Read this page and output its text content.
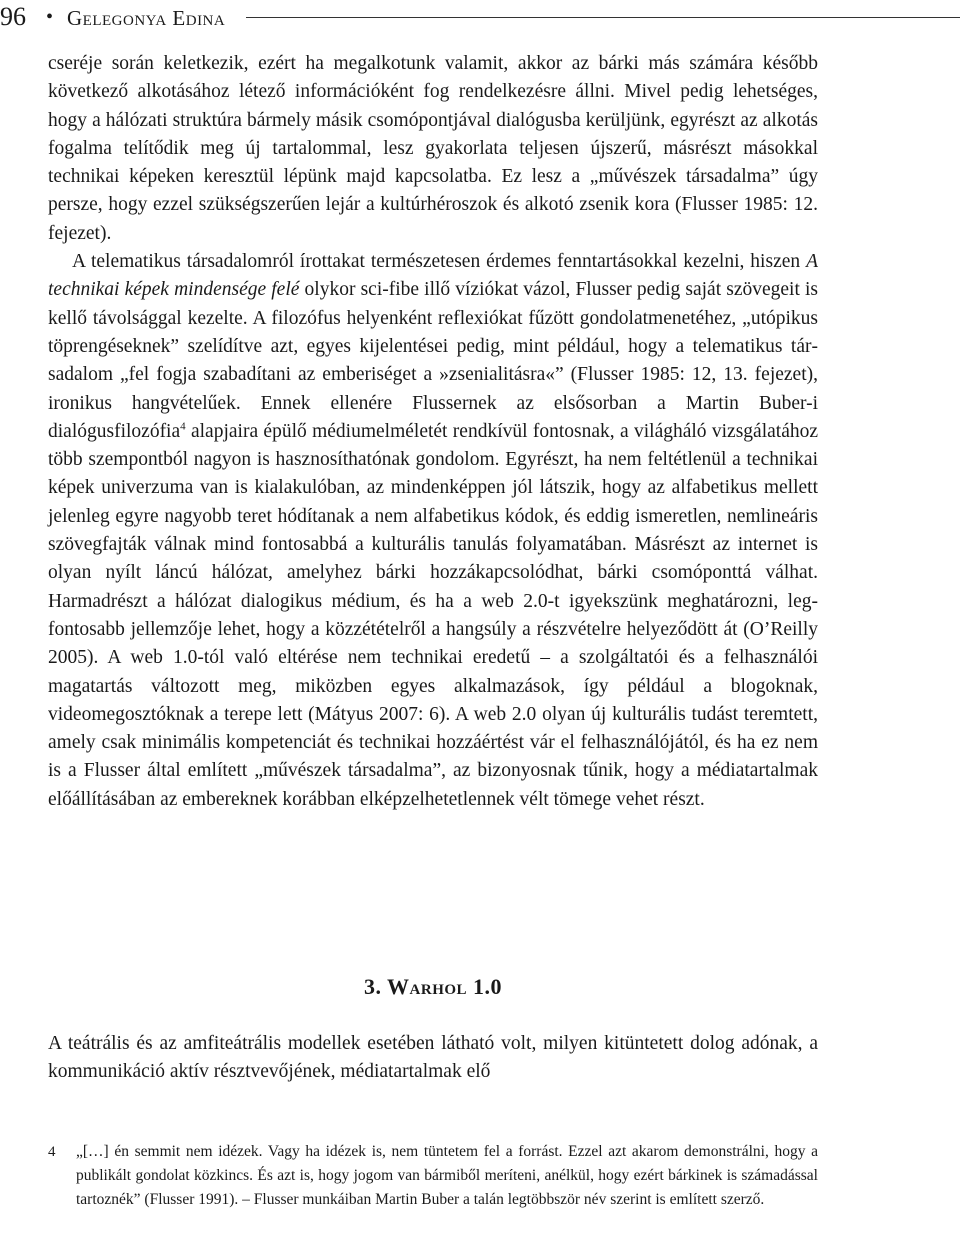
96 • Gelegonya Edina

cseréje során keletkezik, ezért ha megalkotunk valamit, akkor az bárki más számára később következő alkotásához létező információként fog rendelkezésre állni. Mivel pedig lehetséges, hogy a hálózati struktúra bármely másik csomópontjával dialógusba kerüljünk, egyrészt az alkotás fogalma telítődik meg új tartalommal, lesz gyakorlata teljesen újszerű, másrészt másokkal technikai képeken keresztül lépünk majd kapcsolatba. Ez lesz a „művészek társadalma” úgy persze, hogy ezzel szükségszerűen lejár a kultúrhéroszok és alkotó zsenik kora (Flusser 1985: 12. fejezet).

A telematikus társadalomról írottakat természetesen érdemes fenntartásokkal kezelni, hiszen A technikai képek mindensége felé olykor sci-fibe illő víziókat vázol, Flusser pedig saját szövegeit is kellő távolsággal kezelte. A filozófus helyenként reflexiókat fűzött gondolatmenetéhez, „utópikus töprengéseknek” szelídítve azt, egyes kijelentései pedig, mint például, hogy a telematikus társadalom „fel fogja szabadítani az emberiséget a »zsenialitásra«” (Flusser 1985: 12, 13. fejezet), ironikus hangvételűek. Ennek ellenére Flussernek az elsősorban a Martin Buber-i dialógusfilozófia$^4$ alapjaira épülő médiumelméletét rendkívül fontosnak, a világháló vizsgálatához több szempontból nagyon is hasznosíthatónak gondolom. Egyrészt, ha nem feltétlenül a technikai képek univerzuma van is kialakulóban, az mindenképpen jól látszik, hogy az alfabetikus mellett jelenleg egyre nagyobb teret hódítanak a nem alfabetikus kódok, és eddig ismeretlen, nemlineáris szövegfajták válnak mind fontosabbá a kulturális tanulás folyamatában. Másrészt az internet is olyan nyílt láncú hálózat, amelyhez bárki hozzákapcsolódhat, bárki csomóponttá válhat. Harmadrészt a hálózat dialogikus médium, és ha a web 2.0-t igyekszünk meghatározni, legfontosabb jellemzője lehet, hogy a közzétételről a hangsúly a részvételre helyeződött át (O’Reilly 2005). A web 1.0-tól való eltérése nem technikai eredetű – a szolgáltatói és a felhasználói magatartás változott meg, miközben egyes alkalmazások, így például a blogoknak, videomegosztóknak a terepe lett (Mátyus 2007: 6). A web 2.0 olyan új kulturális tudást teremtett, amely csak minimális kompetenciát és technikai hozzáértést vár el felhasználójától, és ha ez nem is a Flusser által említett „művészek társadalma”, az bizonyosnak tűnik, hogy a médiatartalmak előállításában az embereknek korábban elképzelhetetlennek vélt tömege vehet részt.

3. Warhol 1.0

A teátrális és az amfiteátrális modellek esetében látható volt, milyen kitüntetett dolog adónak, a kommunikáció aktív résztvevőjének, médiatartalmak elő

4 „[…] én semmit nem idézek. Vagy ha idézek is, nem tüntetem fel a forrást. Ezzel azt akarom demonstrálni, hogy a publikált gondolat közkincs. És azt is, hogy jogom van bármiből meríteni, anélkül, hogy ezért bárkinek is számadással tartoznék” (Flusser 1991). – Flusser munkáiban Martin Buber a talán legtöbbször név szerint is említett szerző.
